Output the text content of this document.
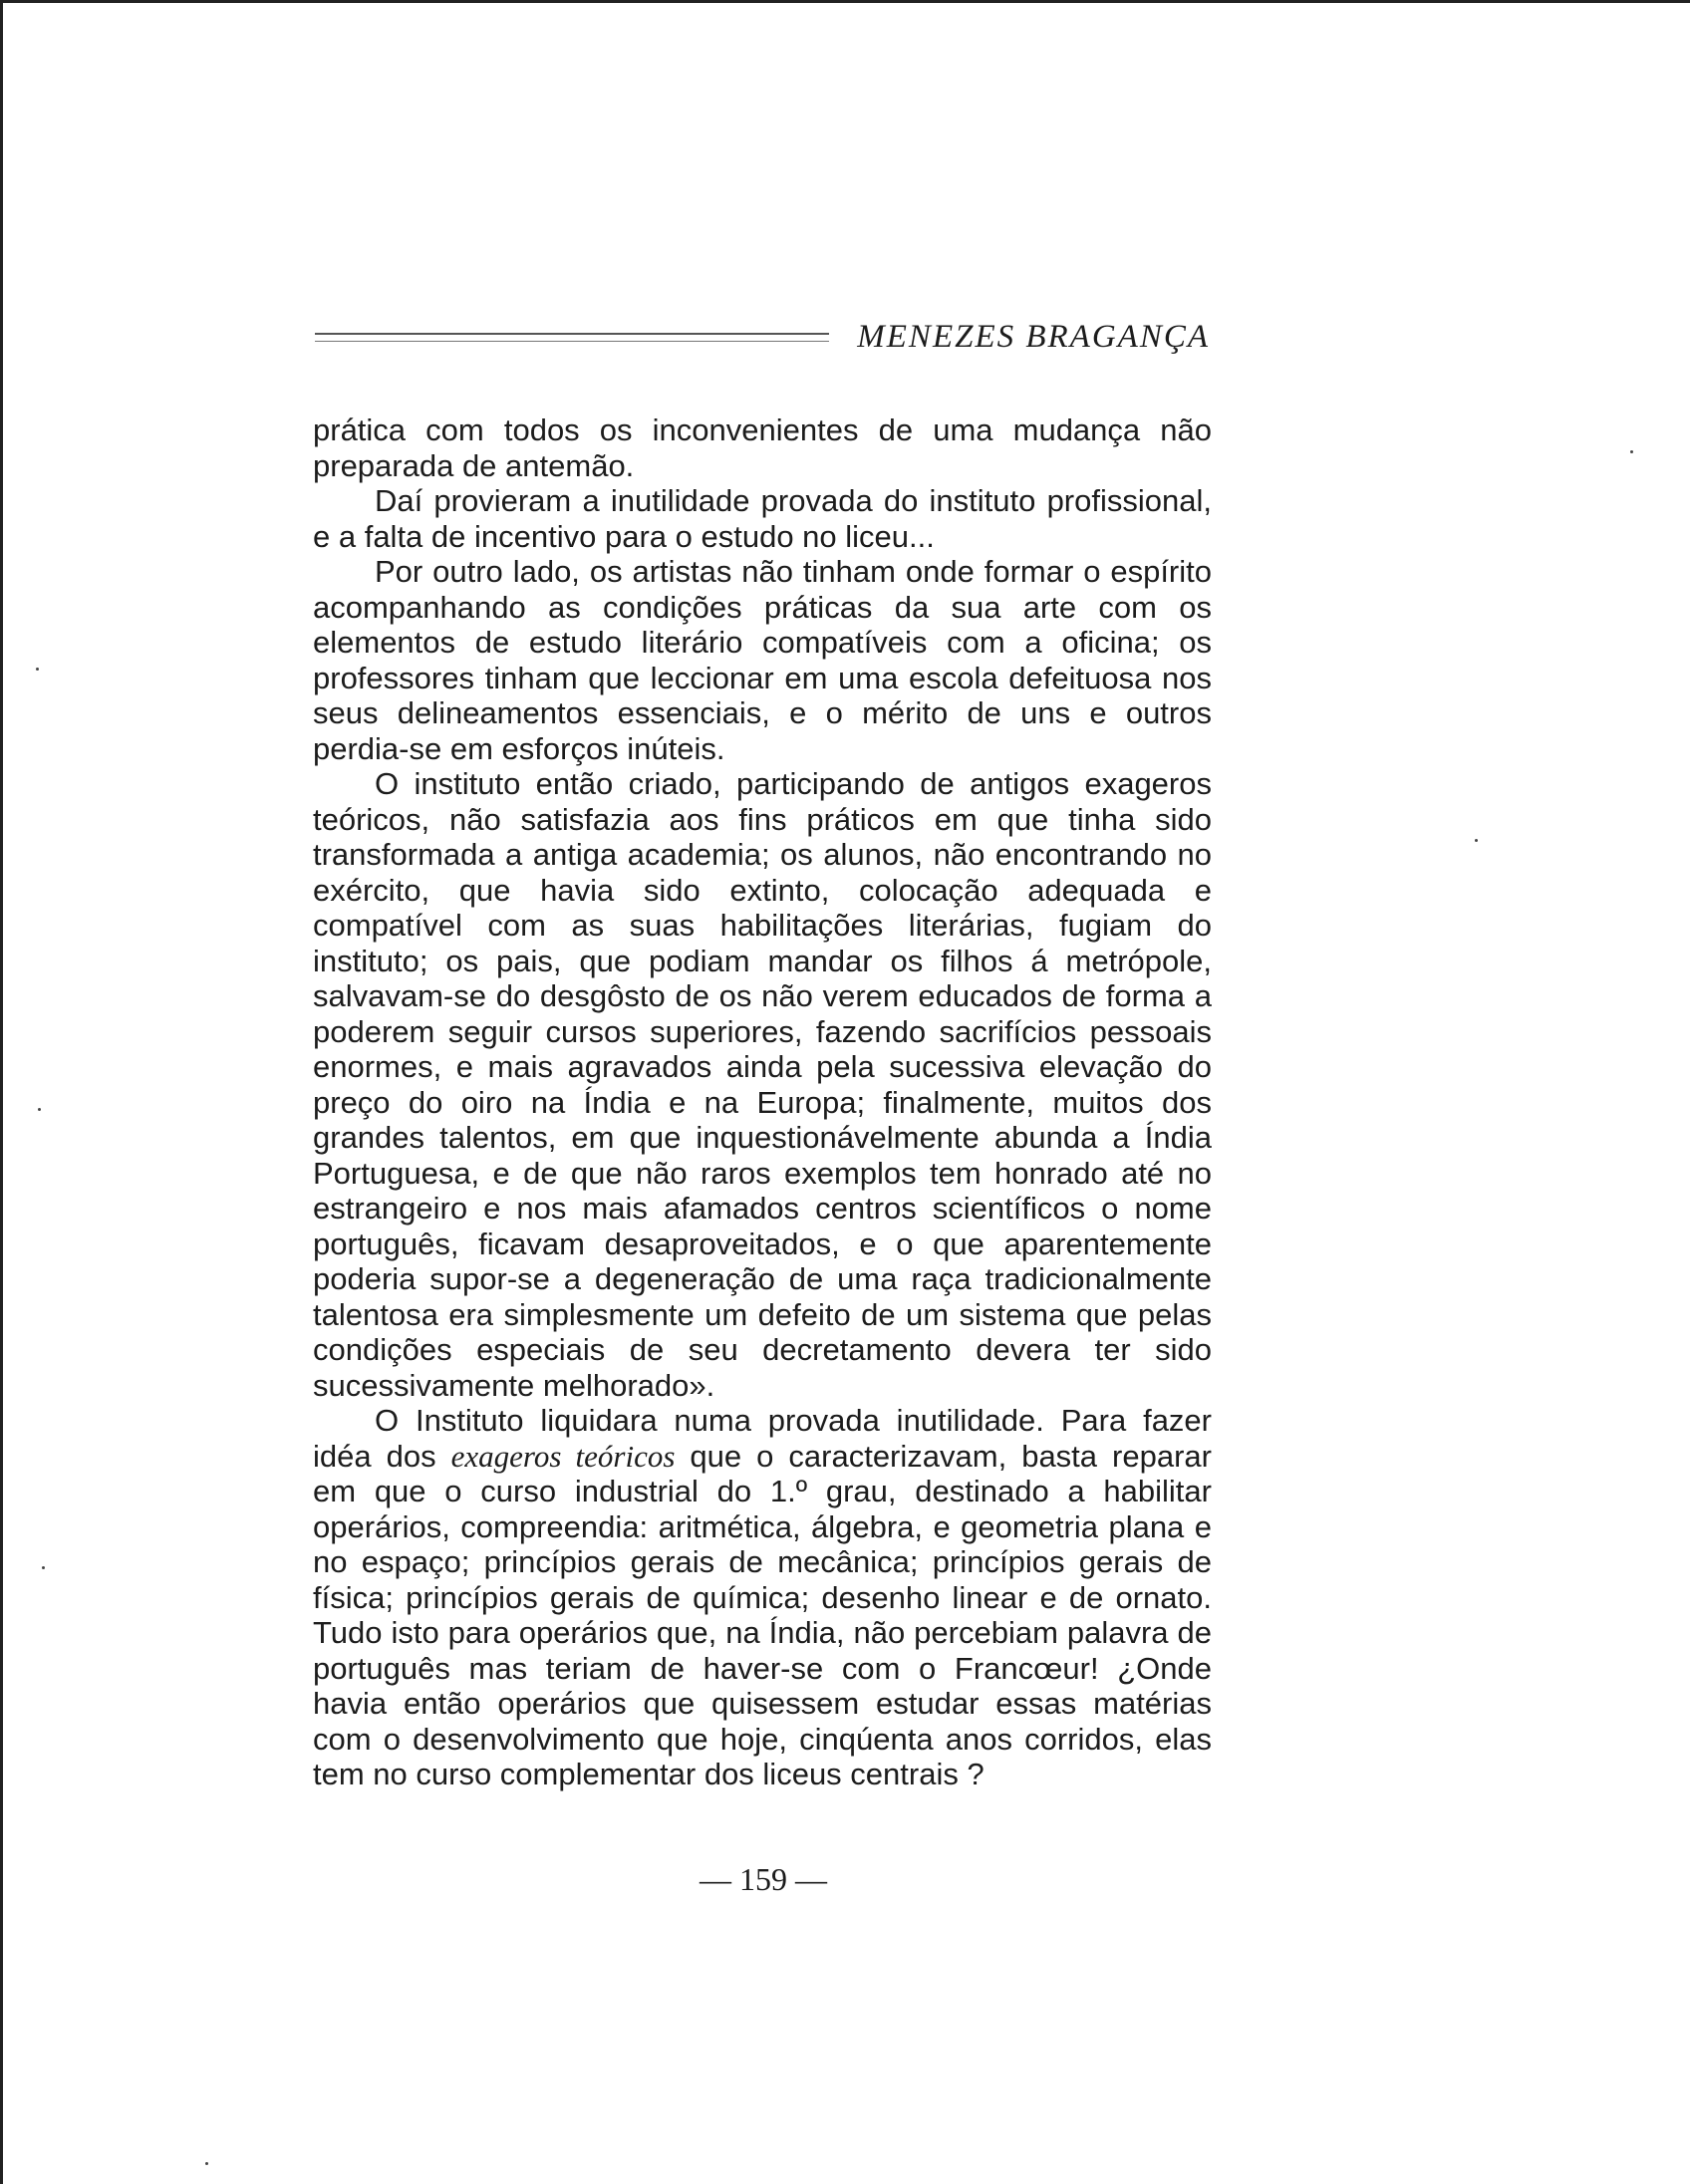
MENEZES BRAGANÇA

prática com todos os inconvenientes de uma mudança não preparada de antemão.

Daí provieram a inutilidade provada do instituto profissional, e a falta de incentivo para o estudo no liceu...

Por outro lado, os artistas não tinham onde formar o espírito acompanhando as condições práticas da sua arte com os elementos de estudo literário compatíveis com a oficina; os professores tinham que leccionar em uma escola defeituosa nos seus delineamentos essenciais, e o mérito de uns e outros perdia-se em esforços inúteis.

O instituto então criado, participando de antigos exageros teóricos, não satisfazia aos fins práticos em que tinha sido transformada a antiga academia; os alunos, não encontrando no exército, que havia sido extinto, colocação adequada e compatível com as suas habilitações literárias, fugiam do instituto; os pais, que podiam mandar os filhos á metrópole, salvavam-se do desgôsto de os não verem educados de forma a poderem seguir cursos superiores, fazendo sacrifícios pessoais enormes, e mais agravados ainda pela sucessiva elevação do preço do oiro na Índia e na Europa; finalmente, muitos dos grandes talentos, em que inquestionávelmente abunda a Índia Portuguesa, e de que não raros exemplos tem honrado até no estrangeiro e nos mais afamados centros scientíficos o nome português, ficavam desaproveitados, e o que aparentemente poderia supor-se a degeneração de uma raça tradicionalmente talentosa era simplesmente um defeito de um sistema que pelas condições especiais de seu decretamento devera ter sido sucessivamente melhorado».

O Instituto liquidara numa provada inutilidade. Para fazer idéa dos exageros teóricos que o caracterizavam, basta reparar em que o curso industrial do 1.º grau, destinado a habilitar operários, compreendia: aritmética, álgebra, e geometria plana e no espaço; princípios gerais de mecânica; princípios gerais de física; princípios gerais de química; desenho linear e de ornato. Tudo isto para operários que, na Índia, não percebiam palavra de português mas teriam de haver-se com o Francœur! ¿Onde havia então operários que quisessem estudar essas matérias com o desenvolvimento que hoje, cinqúenta anos corridos, elas tem no curso complementar dos liceus centrais ?

— 159 —
